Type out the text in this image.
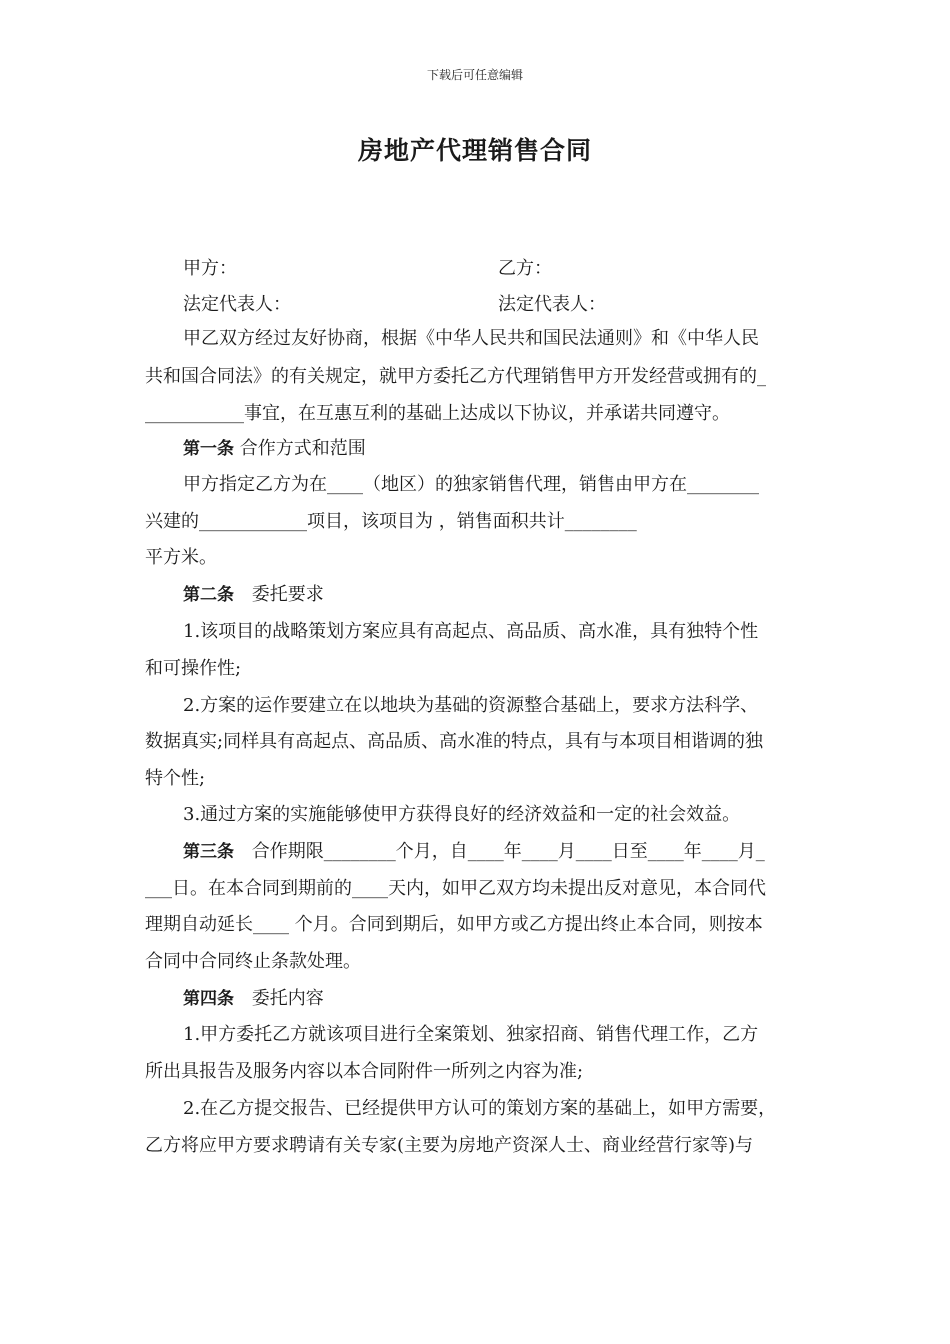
下载后可任意编辑
房地产代理销售合同
甲方：	乙方：
法定代表人：	法定代表人：
甲乙双方经过友好协商，根据《中华人民共和国民法通则》和《中华人民
共和国合同法》的有关规定，就甲方委托乙方代理销售甲方开发经营或拥有的_
___________事宜，在互惠互利的基础上达成以下协议，并承诺共同遵守。
第一条 合作方式和范围
甲方指定乙方为在____（地区）的独家销售代理，销售由甲方在________
兴建的____________项目，该项目为 ，销售面积共计________
平方米。
第二条 委托要求
1.该项目的战略策划方案应具有高起点、高品质、高水准，具有独特个性
和可操作性;
2.方案的运作要建立在以地块为基础的资源整合基础上，要求方法科学、
数据真实;同样具有高起点、高品质、高水准的特点，具有与本项目相谐调的独
特个性;
3.通过方案的实施能够使甲方获得良好的经济效益和一定的社会效益。
第三条 合作期限________个月，自____年____月____日至____年____月_
___日。在本合同到期前的____天内，如甲乙双方均未提出反对意见，本合同代
理期自动延长____ 个月。合同到期后，如甲方或乙方提出终止本合同，则按本
合同中合同终止条款处理。
第四条 委托内容
1.甲方委托乙方就该项目进行全案策划、独家招商、销售代理工作，乙方
所出具报告及服务内容以本合同附件一所列之内容为准;
2.在乙方提交报告、已经提供甲方认可的策划方案的基础上，如甲方需要，
乙方将应甲方要求聘请有关专家(主要为房地产资深人士、商业经营行家等)与
